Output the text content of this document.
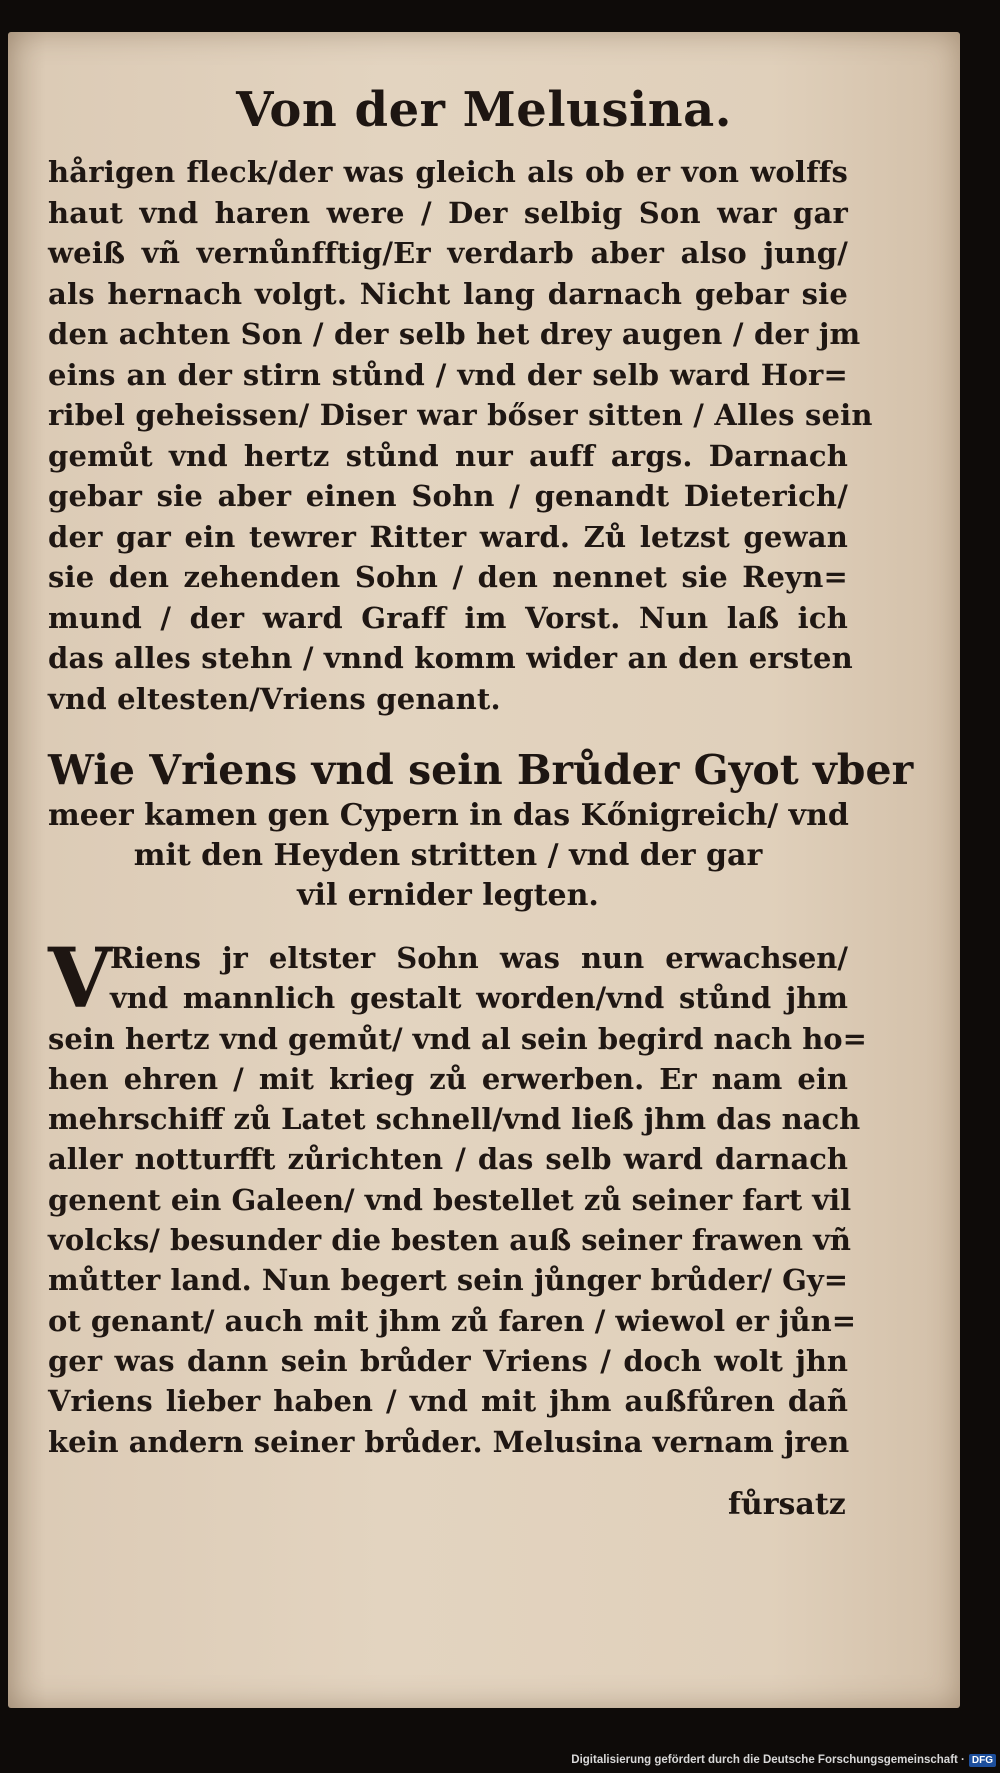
Von der Melusina.
hårigen fleck/der was gleich als ob er von wolffs
haut vnd haren were / Der selbig Son war gar
weiß vñ vernůnfftig/Er verdarb aber also jung/
als hernach volgt. Nicht lang darnach gebar sie
den achten Son / der selb het drey augen / der jm
eins an der stirn stůnd / vnd der selb ward Hor=
ribel geheissen/ Diser war bőser sitten / Alles sein
gemůt vnd hertz stůnd nur auff args. Darnach
gebar sie aber einen Sohn / genandt Dieterich/
der gar ein tewrer Ritter ward. Zů letzst gewan
sie den zehenden Sohn / den nennet sie Reyn=
mund / der ward Graff im Vorst. Nun laß ich
das alles stehn / vnnd komm wider an den ersten
vnd eltesten/Vriens genant.
Wie Vriens vnd sein Brůder Gyot vber
meer kamen gen Cypern in das Kőnigreich/ vnd
mit den Heyden stritten / vnd der gar
vil ernider legten.
V
Riens jr eltster Sohn was nun erwachsen/
vnd mannlich gestalt worden/vnd stůnd jhm
sein hertz vnd gemůt/ vnd al sein begird nach ho=
hen ehren / mit krieg zů erwerben. Er nam ein
mehrschiff zů Latet schnell/vnd ließ jhm das nach
aller notturfft zůrichten / das selb ward darnach
genent ein Galeen/ vnd bestellet zů seiner fart vil
volcks/ besunder die besten auß seiner frawen vñ
můtter land. Nun begert sein jůnger brůder/ Gy=
ot genant/ auch mit jhm zů faren / wiewol er jůn=
ger was dann sein brůder Vriens / doch wolt jhn
Vriens lieber haben / vnd mit jhm außfůren dañ
kein andern seiner brůder. Melusina vernam jren
fůrsatz
Digitalisierung gefördert durch die Deutsche Forschungsgemeinschaft · DFG
